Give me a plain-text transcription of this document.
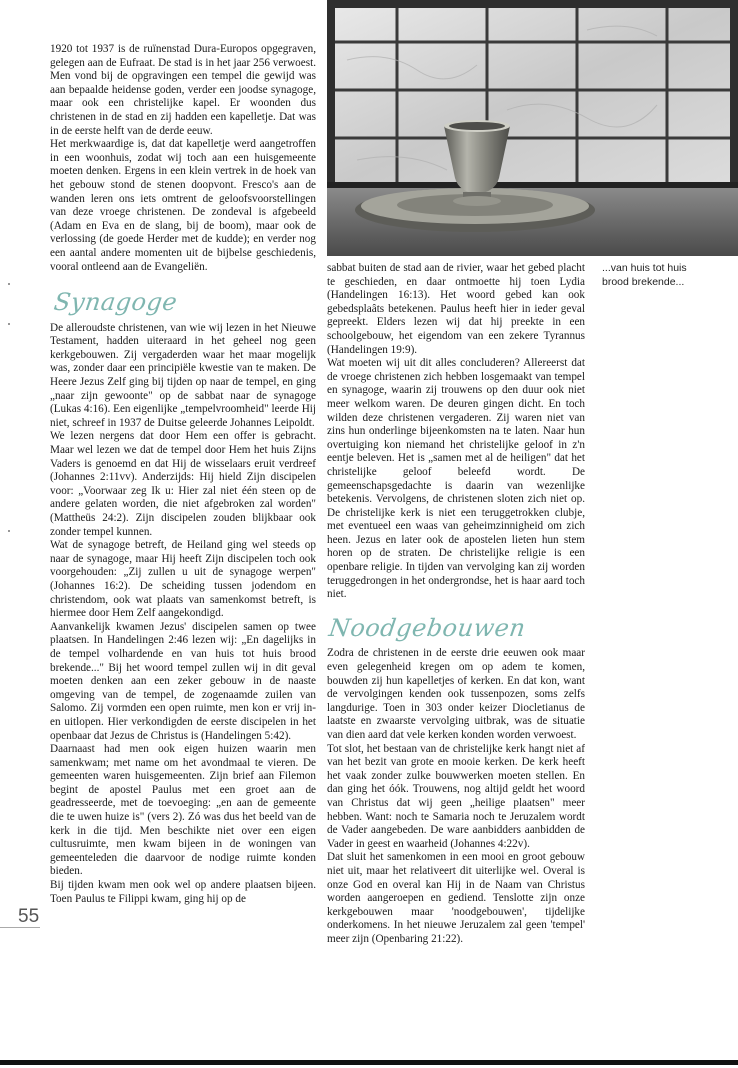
1920 tot 1937 is de ruïnenstad Dura-Europos opgegraven, gelegen aan de Eufraat. De stad is in het jaar 256 verwoest. Men vond bij de opgravingen een tempel die gewijd was aan bepaalde heidense goden, verder een joodse synagoge, maar ook een christelijke kapel. Er woonden dus christenen in de stad en zij hadden een kapelletje. Dat was in de eerste helft van de derde eeuw.

Het merkwaardige is, dat dat kapelletje werd aangetroffen in een woonhuis, zodat wij toch aan een huisgemeente moeten denken. Ergens in een klein vertrek in de hoek van het gebouw stond de stenen doopvont. Fresco's aan de wanden leren ons iets omtrent de geloofsvoorstellingen van deze vroege christenen. De zondeval is afgebeeld (Adam en Eva en de slang, bij de boom), maar ook de verlossing (de goede Herder met de kudde); en verder nog een aantal andere momenten uit de bijbelse geschiedenis, vooral ontleend aan de Evangeliën.

Synagoge

De alleroudste christenen, van wie wij lezen in het Nieuwe Testament, hadden uiteraard in het geheel nog geen kerkgebouwen. Zij vergaderden waar het maar mogelijk was, zonder daar een principiële kwestie van te maken. De Heere Jezus Zelf ging bij tijden op naar de tempel, en ging „naar zijn gewoonte" op de sabbat naar de synagoge (Lukas 4:16). Een eigenlijke „tempelvroomheid" leerde Hij niet, schreef in 1937 de Duitse geleerde Johannes Leipoldt.

We lezen nergens dat door Hem een offer is gebracht. Maar wel lezen we dat de tempel door Hem het huis Zijns Vaders is genoemd en dat Hij de wisselaars eruit verdreef (Johannes 2:11vv). Anderzijds: Hij hield Zijn discipelen voor: „Voorwaar zeg Ik u: Hier zal niet één steen op de andere gelaten worden, die niet afgebroken zal worden" (Mattheüs 24:2). Zijn discipelen zouden blijkbaar ook zonder tempel kunnen.

Wat de synagoge betreft, de Heiland ging wel steeds op naar de synagoge, maar Hij heeft Zijn discipelen toch ook voorgehouden: „Zij zullen u uit de synagoge werpen" (Johannes 16:2). De scheiding tussen jodendom en christendom, ook wat plaats van samenkomst betreft, is hiermee door Hem Zelf aangekondigd.

Aanvankelijk kwamen Jezus' discipelen samen op twee plaatsen. In Handelingen 2:46 lezen wij: „En dagelijks in de tempel volhardende en van huis tot huis brood brekende..." Bij het woord tempel zullen wij in dit geval moeten denken aan een zeker gebouw in de naaste omgeving van de tempel, de zogenaamde zuilen van Salomo. Zij vormden een open ruimte, men kon er vrij in- en uitlopen. Hier verkondigden de eerste discipelen in het openbaar dat Jezus de Christus is (Handelingen 5:42).

Daarnaast had men ook eigen huizen waarin men samenkwam; met name om het avondmaal te vieren. De gemeenten waren huisgemeenten. Zijn brief aan Filemon begint de apostel Paulus met een groet aan de geadresseerde, met de toevoeging: „en aan de gemeente die te uwen huize is" (vers 2). Zó was dus het beeld van de kerk in die tijd. Men beschikte niet over een eigen cultusruimte, men kwam bijeen in de woningen van gemeenteleden die daarvoor de nodige ruimte konden bieden.

Bij tijden kwam men ook wel op andere plaatsen bijeen. Toen Paulus te Filippi kwam, ging hij op de

sabbat buiten de stad aan de rivier, waar het gebed placht te geschieden, en daar ontmoette hij toen Lydia (Handelingen 16:13). Het woord gebed kan ook gebedsplaâts betekenen. Paulus heeft hier in ieder geval gepreekt. Elders lezen wij dat hij preekte in een schoolgebouw, het eigendom van een zekere Tyrannus (Handelingen 19:9).

Wat moeten wij uit dit alles concluderen? Allereerst dat de vroege christenen zich hebben losgemaakt van tempel en synagoge, waarin zij trouwens op den duur ook niet meer welkom waren. De deuren gingen dicht. En toch wilden deze christenen vergaderen. Zij waren niet van zins hun onderlinge bijeenkomsten na te laten. Naar hun overtuiging kon niemand het christelijke geloof in z'n eentje beleven. Het is „samen met al de heiligen" dat het christelijke geloof beleefd wordt. De gemeenschapsgedachte is daarin van wezenlijke betekenis. Vervolgens, de christenen sloten zich niet op. De christelijke kerk is niet een teruggetrokken clubje, met eventueel een waas van geheimzinnigheid om zich heen. Jezus en later ook de apostelen lieten hun stem horen op de straten. De christelijke religie is een openbare religie. In tijden van vervolging kan zij worden teruggedrongen in het ondergrondse, het is haar aard toch niet.

Noodgebouwen

Zodra de christenen in de eerste drie eeuwen ook maar even gelegenheid kregen om op adem te komen, bouwden zij hun kapelletjes of kerken. En dat kon, want de vervolgingen kenden ook tussenpozen, soms zelfs langdurige. Toen in 303 onder keizer Diocletianus de laatste en zwaarste vervolging uitbrak, was de situatie van dien aard dat vele kerken konden worden verwoest.

Tot slot, het bestaan van de christelijke kerk hangt niet af van het bezit van grote en mooie kerken. De kerk heeft het vaak zonder zulke bouwwerken moeten stellen. En dan ging het óók. Trouwens, nog altijd geldt het woord van Christus dat wij geen „heilige plaatsen" meer hebben. Want: noch te Samaria noch te Jeruzalem wordt de Vader aangebeden. De ware aanbidders aanbidden de Vader in geest en waarheid (Johannes 4:22v).

Dat sluit het samenkomen in een mooi en groot gebouw niet uit, maar het relativeert dit uiterlijke wel. Overal is onze God en overal kan Hij in de Naam van Christus worden aangeroepen en gediend. Tenslotte zijn onze kerkgebouwen maar 'noodgebouwen', tijdelijke onderkomens. In het nieuwe Jeruzalem zal geen 'tempel' meer zijn (Openbaring 21:22).

...van huis tot huis brood brekende...
55
